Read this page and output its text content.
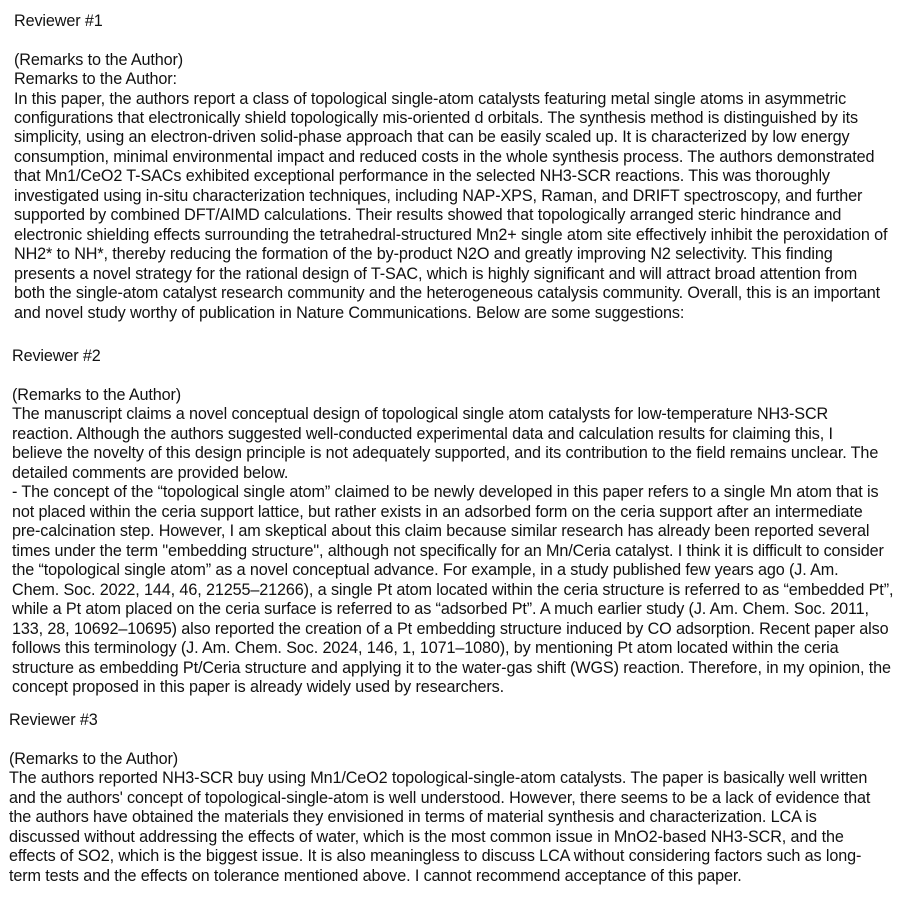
Reviewer #1
(Remarks to the Author)
Remarks to the Author:
In this paper, the authors report a class of topological single-atom catalysts featuring metal single atoms in asymmetric
configurations that electronically shield topologically mis-oriented d orbitals. The synthesis method is distinguished by its
simplicity, using an electron-driven solid-phase approach that can be easily scaled up. It is characterized by low energy
consumption, minimal environmental impact and reduced costs in the whole synthesis process. The authors demonstrated
that Mn1/CeO2 T-SACs exhibited exceptional performance in the selected NH3-SCR reactions. This was thoroughly
investigated using in-situ characterization techniques, including NAP-XPS, Raman, and DRIFT spectroscopy, and further
supported by combined DFT/AIMD calculations. Their results showed that topologically arranged steric hindrance and
electronic shielding effects surrounding the tetrahedral-structured Mn2+ single atom site effectively inhibit the peroxidation of
NH2* to NH*, thereby reducing the formation of the by-product N2O and greatly improving N2 selectivity. This finding
presents a novel strategy for the rational design of T-SAC, which is highly significant and will attract broad attention from
both the single-atom catalyst research community and the heterogeneous catalysis community. Overall, this is an important
and novel study worthy of publication in Nature Communications. Below are some suggestions:
Reviewer #2
(Remarks to the Author)
The manuscript claims a novel conceptual design of topological single atom catalysts for low-temperature NH3-SCR
reaction. Although the authors suggested well-conducted experimental data and calculation results for claiming this, I
believe the novelty of this design principle is not adequately supported, and its contribution to the field remains unclear. The
detailed comments are provided below.
- The concept of the “topological single atom” claimed to be newly developed in this paper refers to a single Mn atom that is
not placed within the ceria support lattice, but rather exists in an adsorbed form on the ceria support after an intermediate
pre-calcination step. However, I am skeptical about this claim because similar research has already been reported several
times under the term "embedding structure", although not specifically for an Mn/Ceria catalyst. I think it is difficult to consider
the “topological single atom” as a novel conceptual advance. For example, in a study published few years ago (J. Am.
Chem. Soc. 2022, 144, 46, 21255–21266), a single Pt atom located within the ceria structure is referred to as “embedded Pt”,
while a Pt atom placed on the ceria surface is referred to as “adsorbed Pt”. A much earlier study (J. Am. Chem. Soc. 2011,
133, 28, 10692–10695) also reported the creation of a Pt embedding structure induced by CO adsorption. Recent paper also
follows this terminology (J. Am. Chem. Soc. 2024, 146, 1, 1071–1080), by mentioning Pt atom located within the ceria
structure as embedding Pt/Ceria structure and applying it to the water-gas shift (WGS) reaction. Therefore, in my opinion, the
concept proposed in this paper is already widely used by researchers.
Reviewer #3
(Remarks to the Author)
The authors reported NH3-SCR buy using Mn1/CeO2 topological-single-atom catalysts. The paper is basically well written
and the authors' concept of topological-single-atom is well understood. However, there seems to be a lack of evidence that
the authors have obtained the materials they envisioned in terms of material synthesis and characterization. LCA is
discussed without addressing the effects of water, which is the most common issue in MnO2-based NH3-SCR, and the
effects of SO2, which is the biggest issue. It is also meaningless to discuss LCA without considering factors such as long-
term tests and the effects on tolerance mentioned above. I cannot recommend acceptance of this paper.
